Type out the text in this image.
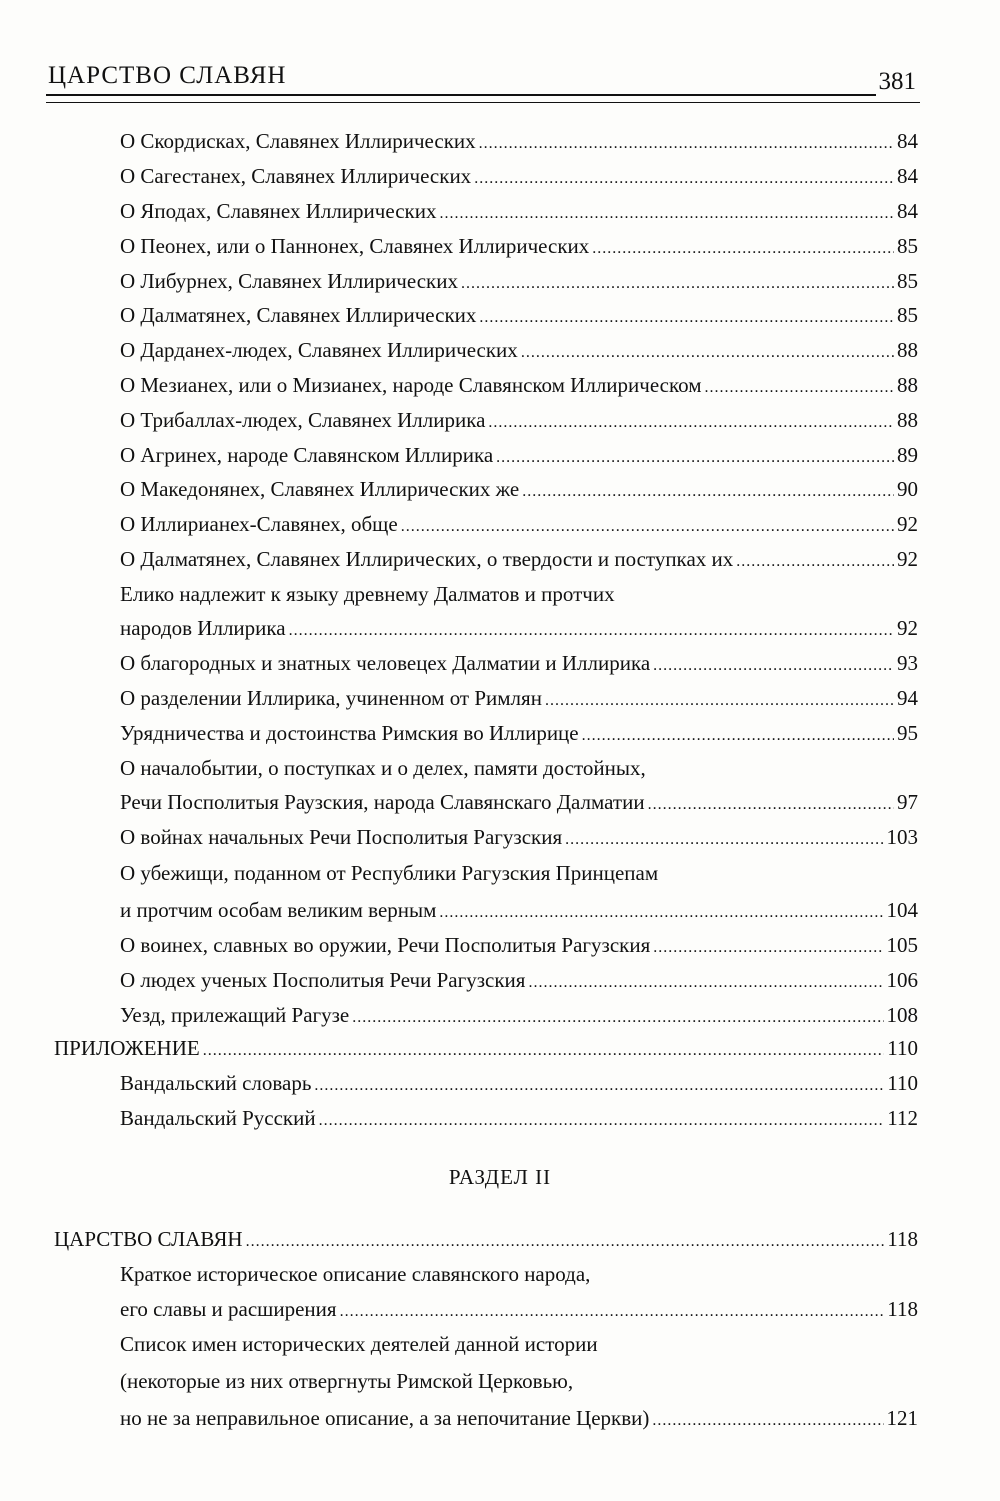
ЦАРСТВО СЛАВЯН	381
О Скордисках, Славянех Иллирических .....	84
О Сагестанех, Славянех Иллирических .....	84
О Яподах, Славянех Иллирических .....	84
О Пеонех, или о Паннонех, Славянех Иллирических .....	85
О Либурнех, Славянех Иллирических .....	85
О Далматянех, Славянех Иллирических .....	85
О Дарданех-людех, Славянех Иллирических .....	88
О Мезианех, или о Мизианех, народе Славянском Иллирическом .....	88
О Трибаллах-людех, Славянех Иллирика .....	88
О Агринех, народе Славянском Иллирика .....	89
О Македонянех, Славянех Иллирических же .....	90
О Иллирианех-Славянех, обще .....	92
О Далматянех, Славянех Иллирических, о твердости и поступках их .....	92
Елико надлежит к языку древнему Далматов и протчих
народов Иллирика .....	92
О благородных и знатных человецех Далматии и Иллирика .....	93
О разделении Иллирика, учиненном от Римлян .....	94
Урядничества и достоинства Римския во Иллирице .....	95
О началобытии, о поступках и о делех, памяти достойных,
Речи Посполитыя Раузския, народа Славянскаго Далматии .....	97
О войнах начальных Речи Посполитыя Рагузския .....	103
О убежищи, поданном от Республики Рагузския Принцепам
и протчим особам великим верным .....	104
О воинех, славных во оружии, Речи Посполитыя Рагузския .....	105
О людех ученых Посполитыя Речи Рагузския .....	106
Уезд, прилежащий Рагузе .....	108
ПРИЛОЖЕНИЕ .....	110
Вандальский словарь .....	110
Вандальский Русский .....	112
РАЗДЕЛ II
ЦАРСТВО СЛАВЯН .....	118
Краткое историческое описание славянского народа,
его славы и расширения .....	118
Список имен исторических деятелей данной истории
(некоторые из них отвергнуты Римской Церковью,
но не за неправильное описание, а за непочитание Церкви) .....	121
